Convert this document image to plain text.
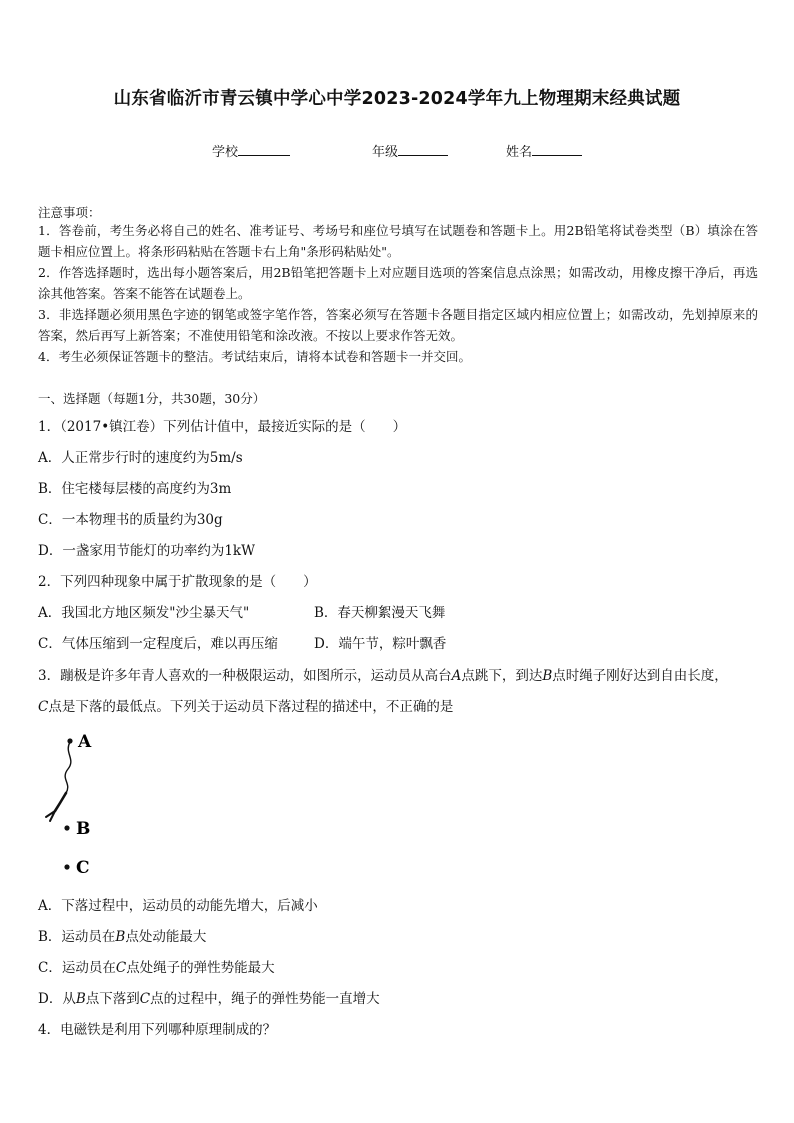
山东省临沂市青云镇中学心中学2023-2024学年九上物理期末经典试题
学校	年级	姓名
注意事项：
1．答卷前，考生务必将自己的姓名、准考证号、考场号和座位号填写在试题卷和答题卡上。用2B铅笔将试卷类型（B）填涂在答题卡相应位置上。将条形码粘贴在答题卡右上角"条形码粘贴处"。
2．作答选择题时，选出每小题答案后，用2B铅笔把答题卡上对应题目选项的答案信息点涂黑；如需改动，用橡皮擦干净后，再选涂其他答案。答案不能答在试题卷上。
3．非选择题必须用黑色字迹的钢笔或签字笔作答，答案必须写在答题卡各题目指定区域内相应位置上；如需改动，先划掉原来的答案，然后再写上新答案；不准使用铅笔和涂改液。不按以上要求作答无效。
4．考生必须保证答题卡的整洁。考试结束后，请将本试卷和答题卡一并交回。
一、选择题（每题1分，共30题，30分）
1．（2017•镇江卷）下列估计值中，最接近实际的是（　　）
A．人正常步行时的速度约为5m/s
B．住宅楼每层楼的高度约为3m
C．一本物理书的质量约为30g
D．一盏家用节能灯的功率约为1kW
2．下列四种现象中属于扩散现象的是（　　）
A．我国北方地区频发"沙尘暴天气"	B．春天柳絮漫天飞舞
C．气体压缩到一定程度后，难以再压缩	D．端午节，粽叶飘香
3．蹦极是许多年青人喜欢的一种极限运动，如图所示，运动员从高台A点跳下，到达B点时绳子刚好达到自由长度，
C点是下落的最低点。下列关于运动员下落过程的描述中，不正确的是
A
B
C
A．下落过程中，运动员的动能先增大，后减小
B．运动员在B点处动能最大
C．运动员在C点处绳子的弹性势能最大
D．从B点下落到C点的过程中，绳子的弹性势能一直增大
4．电磁铁是利用下列哪种原理制成的？
